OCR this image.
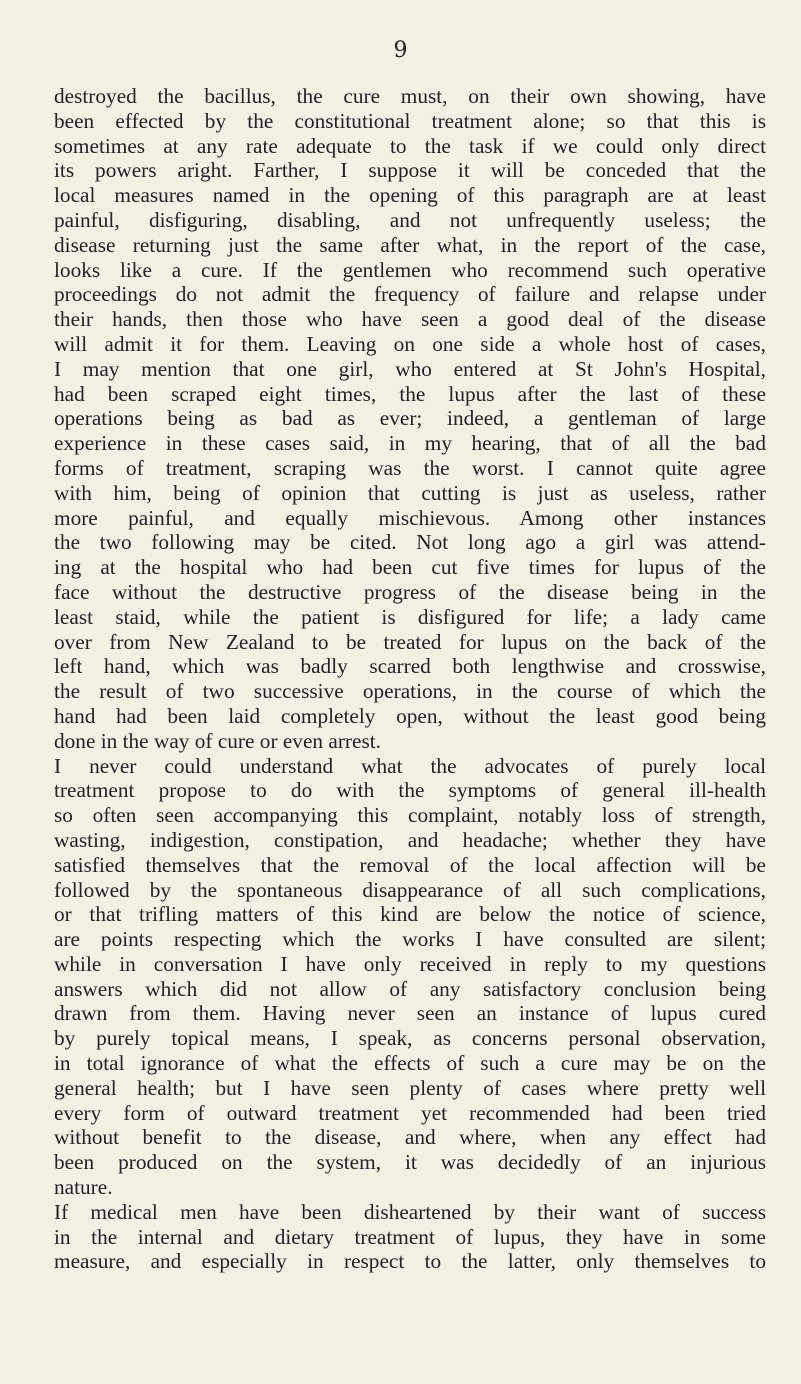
9
destroyed the bacillus, the cure must, on their own showing, have
been effected by the constitutional treatment alone; so that this is
sometimes at any rate adequate to the task if we could only direct
its powers aright. Farther, I suppose it will be conceded that the
local measures named in the opening of this paragraph are at least
painful, disfiguring, disabling, and not unfrequently useless; the
disease returning just the same after what, in the report of the case,
looks like a cure. If the gentlemen who recommend such operative
proceedings do not admit the frequency of failure and relapse under
their hands, then those who have seen a good deal of the disease
will admit it for them. Leaving on one side a whole host of cases,
I may mention that one girl, who entered at St John's Hospital,
had been scraped eight times, the lupus after the last of these
operations being as bad as ever; indeed, a gentleman of large
experience in these cases said, in my hearing, that of all the bad
forms of treatment, scraping was the worst. I cannot quite agree
with him, being of opinion that cutting is just as useless, rather
more painful, and equally mischievous. Among other instances
the two following may be cited. Not long ago a girl was attend-
ing at the hospital who had been cut five times for lupus of the
face without the destructive progress of the disease being in the
least staid, while the patient is disfigured for life; a lady came
over from New Zealand to be treated for lupus on the back of the
left hand, which was badly scarred both lengthwise and crosswise,
the result of two successive operations, in the course of which the
hand had been laid completely open, without the least good being
done in the way of cure or even arrest.
I never could understand what the advocates of purely local
treatment propose to do with the symptoms of general ill-health
so often seen accompanying this complaint, notably loss of strength,
wasting, indigestion, constipation, and headache; whether they have
satisfied themselves that the removal of the local affection will be
followed by the spontaneous disappearance of all such complications,
or that trifling matters of this kind are below the notice of science,
are points respecting which the works I have consulted are silent;
while in conversation I have only received in reply to my questions
answers which did not allow of any satisfactory conclusion being
drawn from them. Having never seen an instance of lupus cured
by purely topical means, I speak, as concerns personal observation,
in total ignorance of what the effects of such a cure may be on the
general health; but I have seen plenty of cases where pretty well
every form of outward treatment yet recommended had been tried
without benefit to the disease, and where, when any effect had
been produced on the system, it was decidedly of an injurious
nature.
If medical men have been disheartened by their want of success
in the internal and dietary treatment of lupus, they have in some
measure, and especially in respect to the latter, only themselves to
